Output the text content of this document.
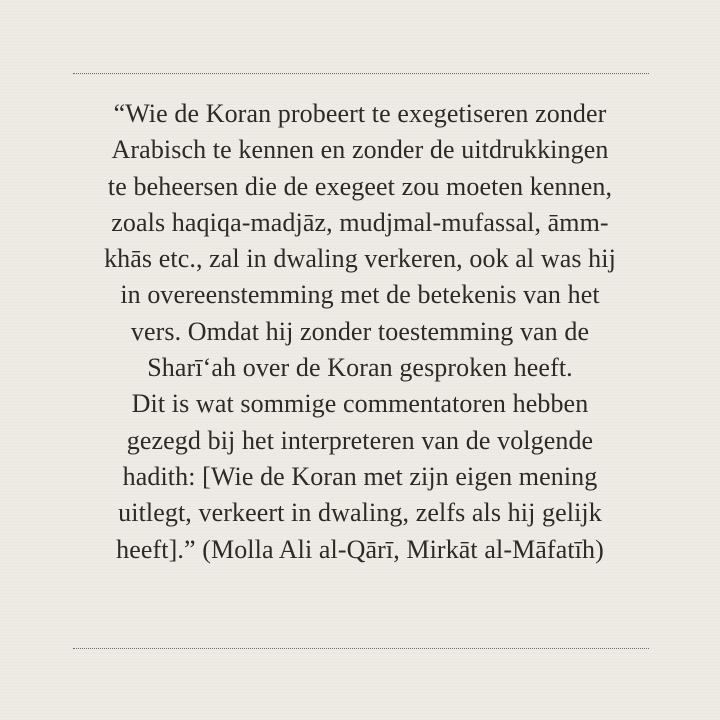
“Wie de Koran probeert te exegetiseren zonder
Arabisch te kennen en zonder de uitdrukkingen
te beheersen die de exegeet zou moeten kennen,
zoals haqiqa-madjāz, mudjmal-mufassal, āmm-
khās etc., zal in dwaling verkeren, ook al was hij
in overeenstemming met de betekenis van het
vers. Omdat hij zonder toestemming van de
Sharī‘ah over de Koran gesproken heeft.
Dit is wat sommige commentatoren hebben
gezegd bij het interpreteren van de volgende
hadith: [Wie de Koran met zijn eigen mening
uitlegt, verkeert in dwaling, zelfs als hij gelijk
heeft].” (Molla Ali al-Qārī, Mirkāt al-Māfatīh)
